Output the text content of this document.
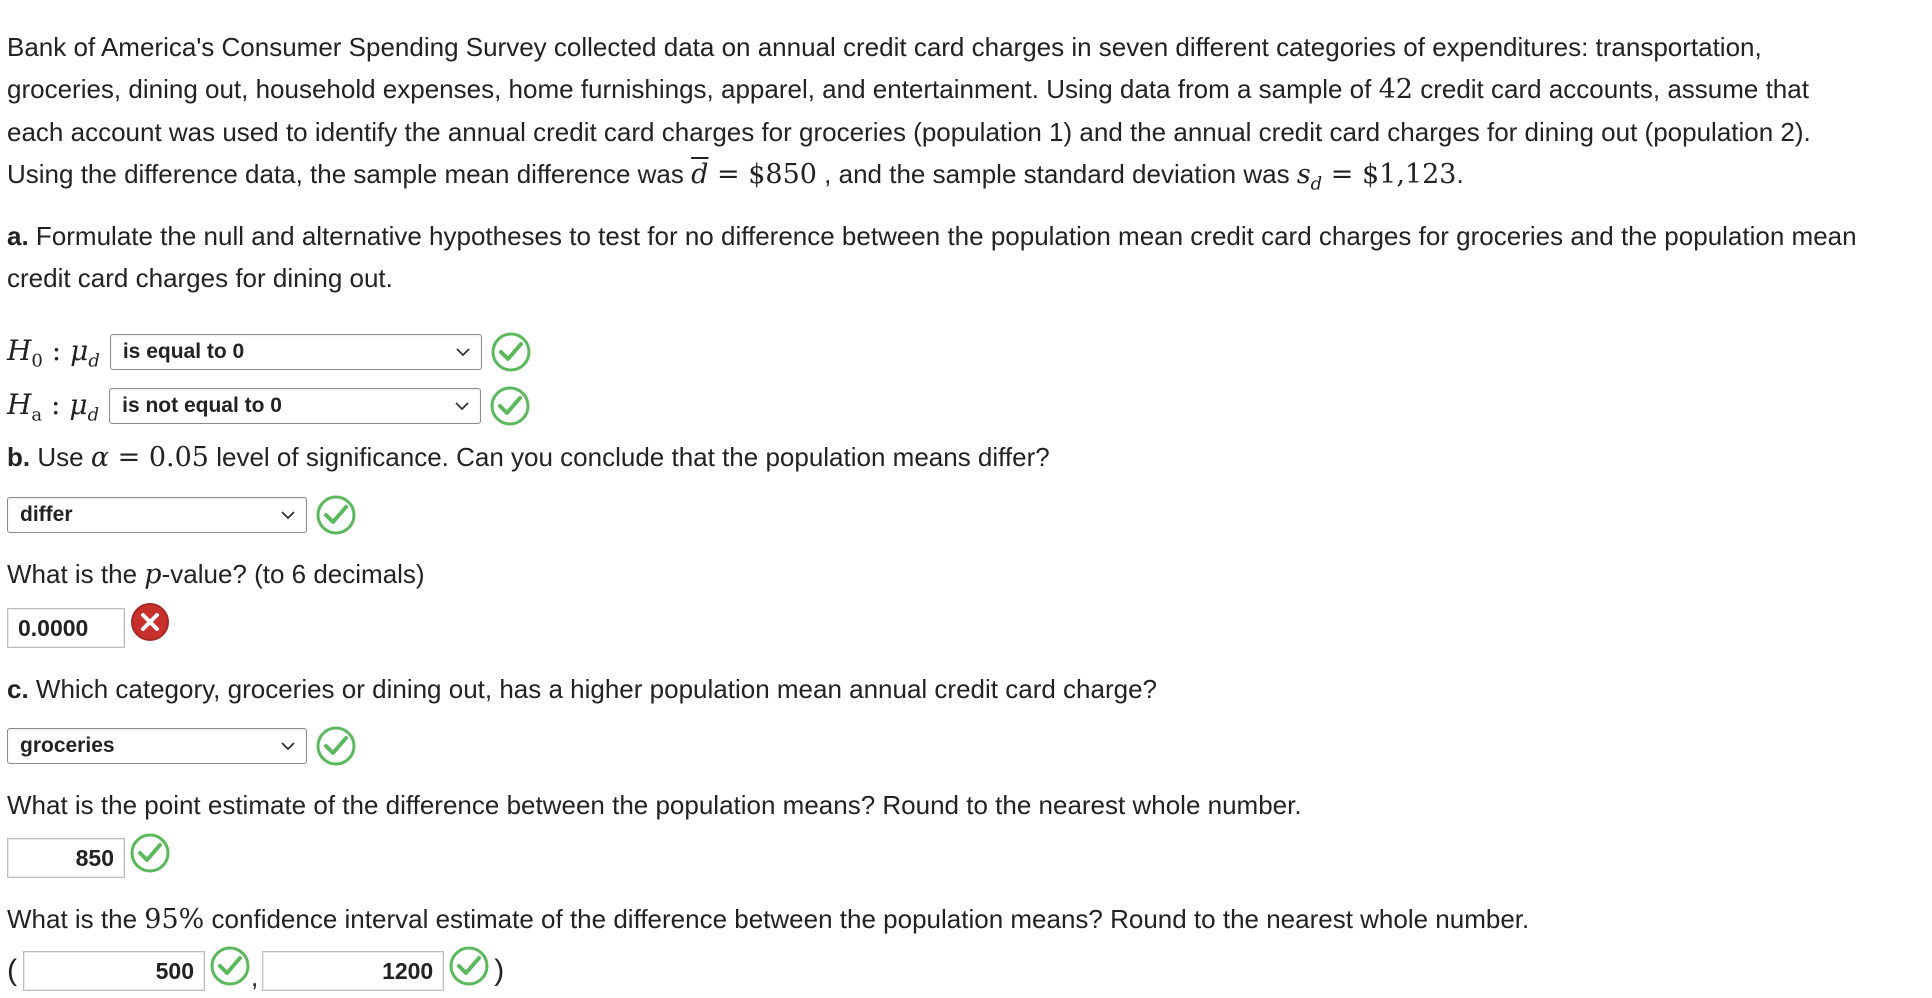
Bank of America's Consumer Spending Survey collected data on annual credit card charges in seven different categories of expenditures: transportation,
groceries, dining out, household expenses, home furnishings, apparel, and entertainment. Using data from a sample of 42 credit card accounts, assume that
each account was used to identify the annual credit card charges for groceries (population 1) and the annual credit card charges for dining out (population 2).
Using the difference data, the sample mean difference was $\overline{d}$ = $850 , and the sample standard deviation was $s_d$ = $1,123.

a. Formulate the null and alternative hypotheses to test for no difference between the population mean credit card charges for groceries and the population mean credit card charges for dining out.

$H_0$ : $\mu_d$ is equal to 0
$H_a$ : $\mu_d$ is not equal to 0

b. Use α = 0.05 level of significance. Can you conclude that the population means differ?

differ

What is the p-value? (to 6 decimals)

0.0000

c. Which category, groceries or dining out, has a higher population mean annual credit card charge?

groceries

What is the point estimate of the difference between the population means? Round to the nearest whole number.

850

What is the 95% confidence interval estimate of the difference between the population means? Round to the nearest whole number.

(	500	,	1200	)
